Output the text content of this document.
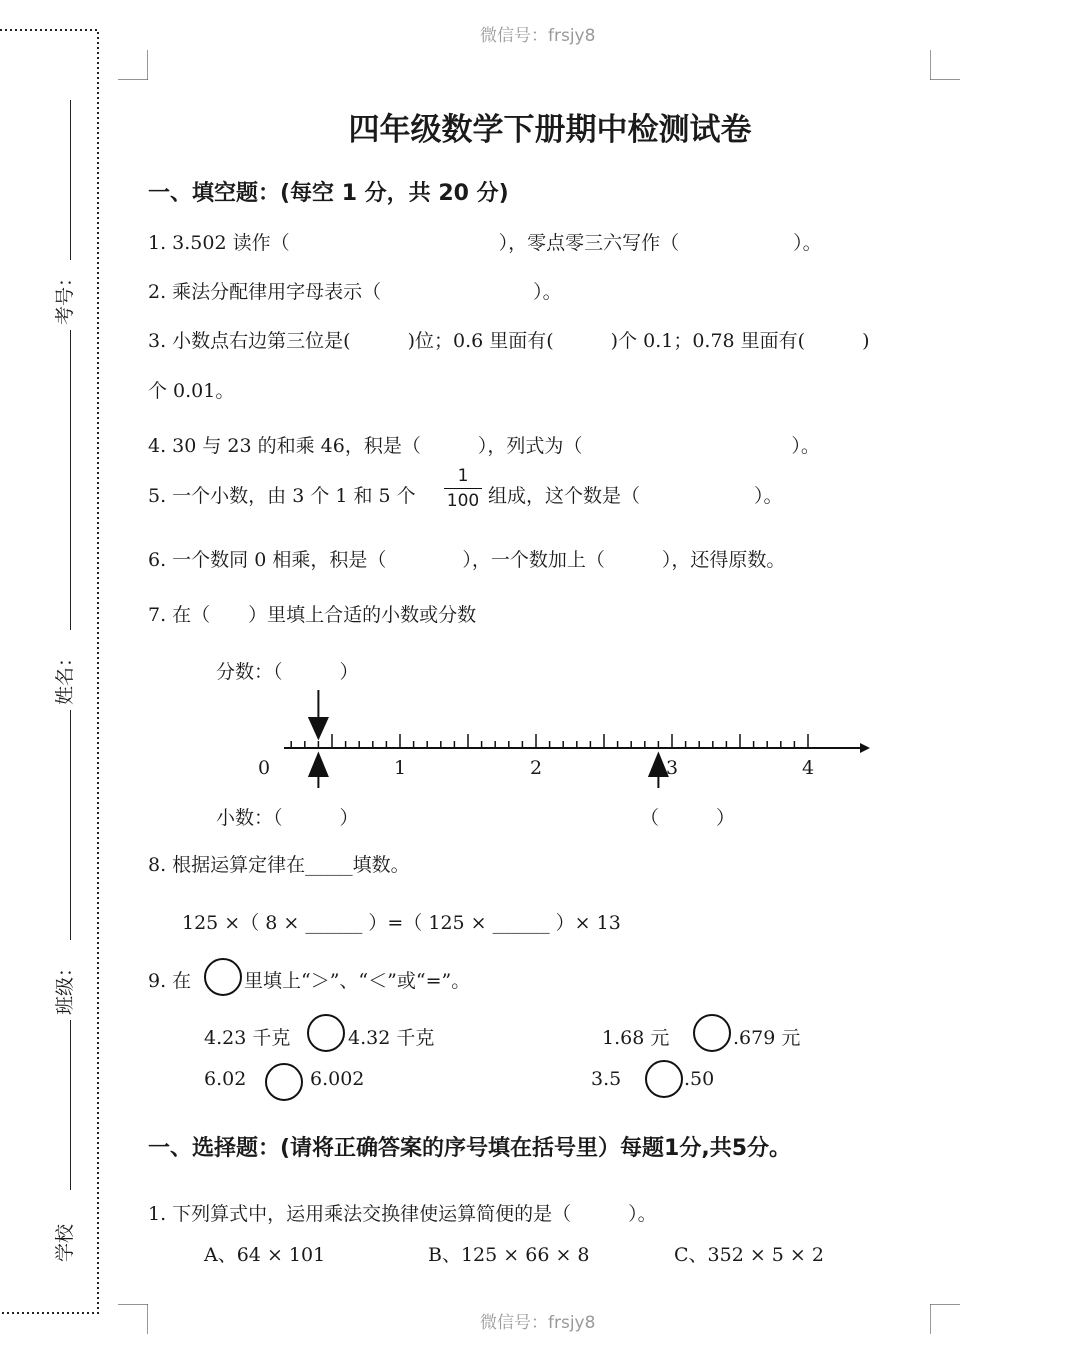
微信号：frsjy8
微信号：frsjy8
考号：
姓名：
班级：
学校
四年级数学下册期中检测试卷
一、填空题：(每空 1 分，共 20 分)
1. 3.502 读作（　　　　　　　　　　　），零点零三六写作（　　　　　　）。
2. 乘法分配律用字母表示（　　　　　　　　）。
3. 小数点右边第三位是(　　　)位；0.6 里面有(　　　)个 0.1；0.78 里面有(　　　)
个 0.01。
4. 30 与 23 的和乘 46，积是（　　　），列式为（　　　　　　　　　　　）。
5. 一个小数，由 3 个 1 和 5 个
1
100 组成，这个数是（　　　　　　）。
6. 一个数同 0 相乘，积是（　　　　），一个数加上（　　　），还得原数。
7. 在（　　）里填上合适的小数或分数
分数：（　　　）
0	1	2	3	4
小数：（　　　）	（　　　）
8. 根据运算定律在_____填数。
125 ×（ 8 × ______ ）=（ 125 × ______ ）× 13
9. 在	里填上“＞”、“＜”或“=”。
4.23 千克	4.32 千克	1.68 元	.679 元
6.02	6.002	3.5	.50
一、选择题：(请将正确答案的序号填在括号里）每题1分,共5分。
1. 下列算式中，运用乘法交换律使运算简便的是（　　　）。
A、64 × 101	B、125 × 66 × 8	C、352 × 5 × 2
